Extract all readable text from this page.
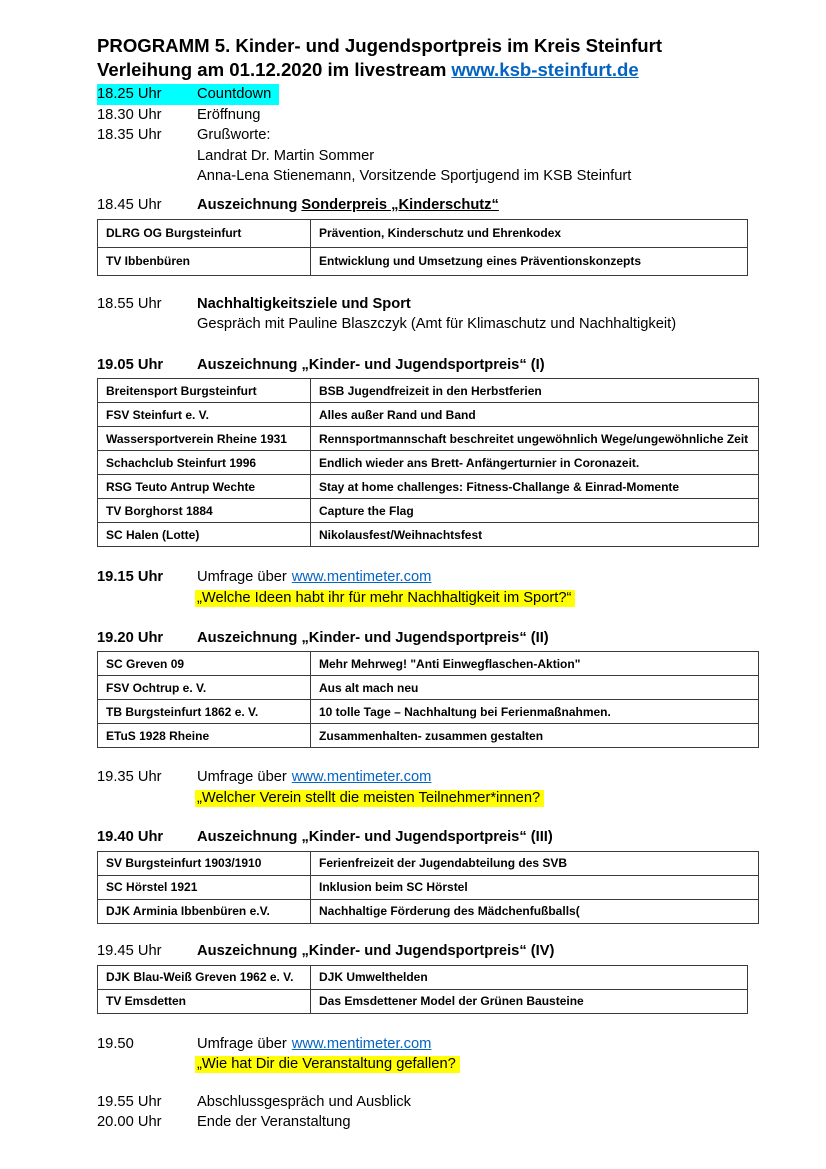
PROGRAMM 5. Kinder- und Jugendsportpreis im Kreis Steinfurt
Verleihung am 01.12.2020 im livestream www.ksb-steinfurt.de
18.25 Uhr	Countdown
18.30 Uhr	Eröffnung
18.35 Uhr	Grußworte:
Landrat Dr. Martin Sommer
Anna-Lena Stienemann, Vorsitzende Sportjugend im KSB Steinfurt
18.45 Uhr	Auszeichnung Sonderpreis „Kinderschutz“
DLRG OG Burgsteinfurt	Prävention, Kinderschutz und Ehrenkodex
TV Ibbenbüren	Entwicklung und Umsetzung eines Präventionskonzepts
18.55 Uhr	Nachhaltigkeitsziele und Sport
Gespräch mit Pauline Blaszczyk (Amt für Klimaschutz und Nachhaltigkeit)
19.05 Uhr	Auszeichnung „Kinder- und Jugendsportpreis“ (I)
Breitensport Burgsteinfurt	BSB Jugendfreizeit in den Herbstferien
FSV Steinfurt e. V.	Alles außer Rand und Band
Wassersportverein Rheine 1931	Rennsportmannschaft beschreitet ungewöhnlich Wege/ungewöhnliche Zeit
Schachclub Steinfurt 1996	Endlich wieder ans Brett- Anfängerturnier in Coronazeit.
RSG Teuto Antrup Wechte	Stay at home challenges: Fitness-Challange & Einrad-Momente
TV Borghorst 1884	Capture the Flag
SC Halen (Lotte)	Nikolausfest/Weihnachtsfest
19.15 Uhr	Umfrage über www.mentimeter.com
„Welche Ideen habt ihr für mehr Nachhaltigkeit im Sport?“
19.20 Uhr	Auszeichnung „Kinder- und Jugendsportpreis“ (II)
SC Greven 09	Mehr Mehrweg! "Anti Einwegflaschen-Aktion"
FSV Ochtrup e. V.	Aus alt mach neu
TB Burgsteinfurt 1862 e. V.	10 tolle Tage – Nachhaltung bei Ferienmaßnahmen.
ETuS 1928 Rheine	Zusammenhalten- zusammen gestalten
19.35 Uhr	Umfrage über www.mentimeter.com
„Welcher Verein stellt die meisten Teilnehmer*innen?
19.40 Uhr	Auszeichnung „Kinder- und Jugendsportpreis“ (III)
SV Burgsteinfurt 1903/1910	Ferienfreizeit der Jugendabteilung des SVB
SC Hörstel 1921	Inklusion beim SC Hörstel
DJK Arminia Ibbenbüren e.V.	Nachhaltige Förderung des Mädchenfußballs(
19.45 Uhr	Auszeichnung „Kinder- und Jugendsportpreis“ (IV)
DJK Blau-Weiß Greven 1962 e. V.	DJK Umwelthelden
TV Emsdetten	Das Emsdettener Model der Grünen Bausteine
19.50	Umfrage über www.mentimeter.com
„Wie hat Dir die Veranstaltung gefallen?
19.55 Uhr	Abschlussgespräch und Ausblick
20.00 Uhr	Ende der Veranstaltung
